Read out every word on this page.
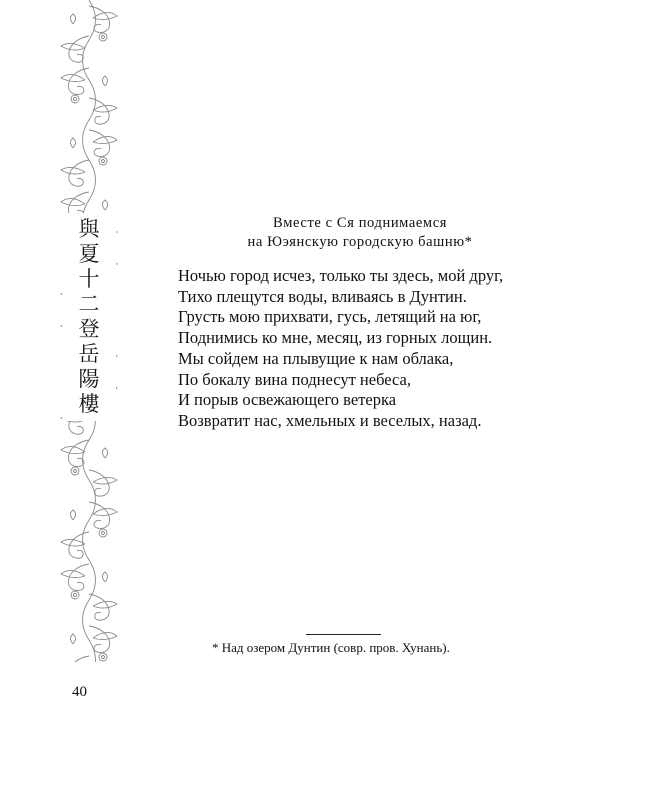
與
夏
十
二
登
岳
陽
樓
Вместе с Ся поднимаемся
на Юэянскую городскую башню*
Ночью город исчез, только ты здесь, мой друг,
Тихо плещутся воды, вливаясь в Дунтин.
Грусть мою прихвати, гусь, летящий на юг,
Поднимись ко мне, месяц, из горных лощин.
Мы сойдем на плывущие к нам облака,
По бокалу вина поднесут небеса,
И порыв освежающего ветерка
Возвратит нас, хмельных и веселых, назад.
* Над озером Дунтин (совр. пров. Хунань).
40
